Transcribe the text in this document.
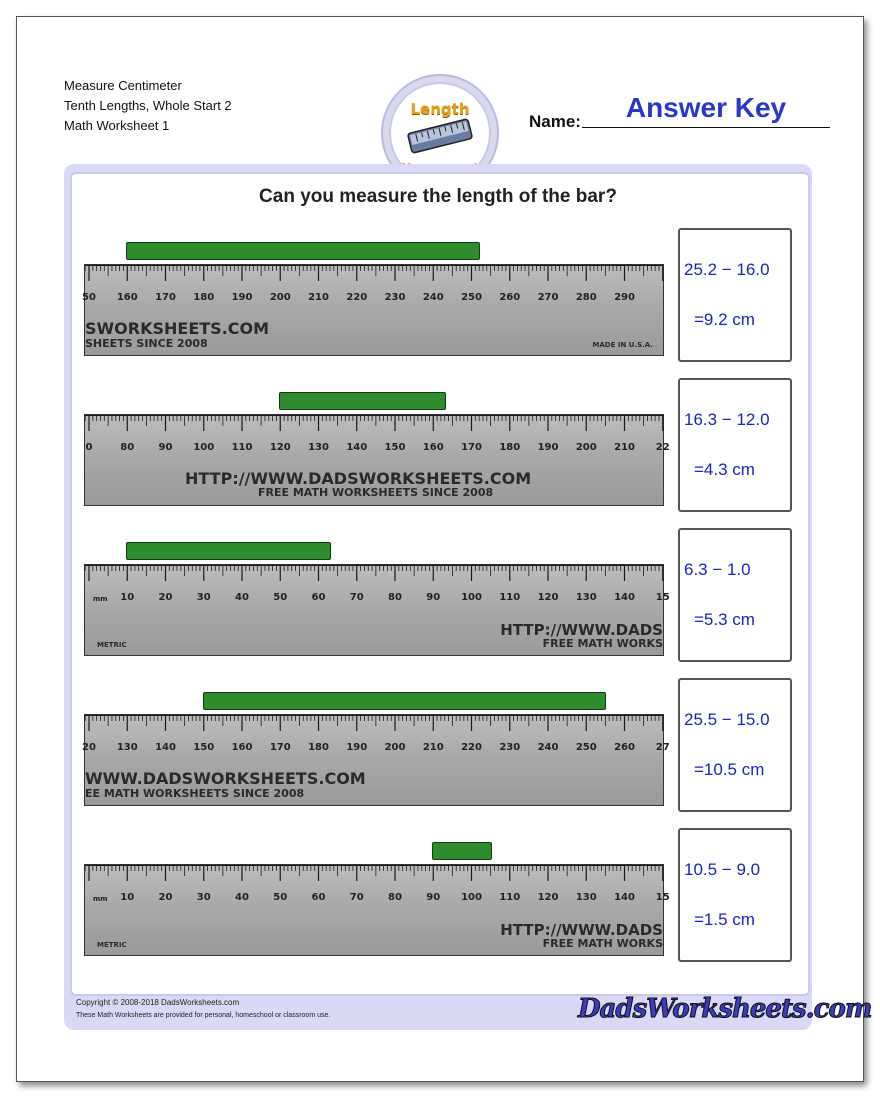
Measure Centimeter
Tenth Lengths, Whole Start 2
Math Worksheet 1
Length
Name:	Answer Key
Can you measure the length of the bar?
50 160 170 180 190 200 210 220 230 240 250 260 270 280 290
SWORKSHEETS.COM
SHEETS SINCE 2008	MADE IN U.S.A.
25.2 − 16.0
=9.2 cm
0	80 90 100 110 120 130 140 150 160 170 180 190 200 210 22
HTTP://WWW.DADSWORKSHEETS.COM
FREE MATH WORKSHEETS SINCE 2008
16.3 − 12.0
=4.3 cm
10 20 30 40 50 60 70 80 90 100 110 120 130 140 15
mm
HTTP://WWW.DADS
FREE MATH WORKS
METRIC
6.3 − 1.0
=5.3 cm
20 130 140 150 160 170 180 190 200 210 220 230 240 250 260 27
WWW.DADSWORKSHEETS.COM
EE MATH WORKSHEETS SINCE 2008
25.5 − 15.0
=10.5 cm
10 20 30 40 50 60 70 80 90 100 110 120 130 140 15
mm
HTTP://WWW.DADS
FREE MATH WORKS
METRIC
10.5 − 9.0
=1.5 cm
Copyright © 2008-2018 DadsWorksheets.com
These Math Worksheets are provided for personal, homeschool or classroom use.	DadsWorksheets.com
